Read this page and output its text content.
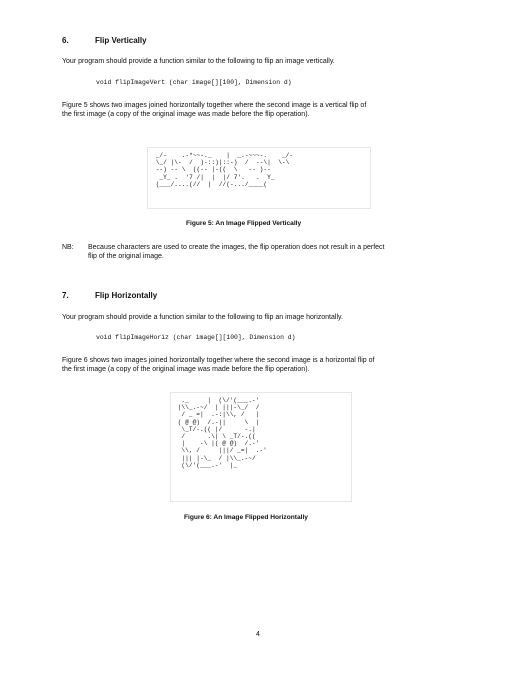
6.	Flip Vertically
Your program should provide a function similar to the following to flip an image vertically.
void flipImageVert (char image[][100], Dimension d)
Figure 5 shows two images joined horizontally together where the second image is a vertical flip of
the first image (a copy of the original image was made before the flip operation).
_/-    .-*~~-._    |  _.-~~~-.    _/-
\_/ |\-  /  )-::)|::-)  /  --\|  \-\
--) -- \  ((-- |-((  \   -- )--
_Y_ .  '7 /|  |  |/ 7'.   .  Y_
(___/....(//  |  //(-.../____(
Figure 5: An Image Flipped Vertically
NB: Because characters are used to create the images, the flip operation does not result in a perfect
flip of the original image.
7.	Flip Horizontally
Your program should provide a function similar to the following to flip an image horizontally.
void flipImageHoriz (char image[][100], Dimension d)
Figure 6 shows two images joined horizontally together where the second image is a horizontal flip of
the first image (a copy of the original image was made before the flip operation).
._     |  (\/'(___.-'
|\\_.-~/  | |||-\_/  /
/ _ =|  .-:|\\, /   |
( @ @)  /.-||     \  |
\_T/-.(( |/      -.|
/      .\| \ _T/-.((
|    -\ |( @ @)  /.-'
\\, /     |||/ _=|  .-'
||| |-\_  / |\\_.-~/
(\/'(___.-'  |_
Figure 6: An Image Flipped Horizontally
4
